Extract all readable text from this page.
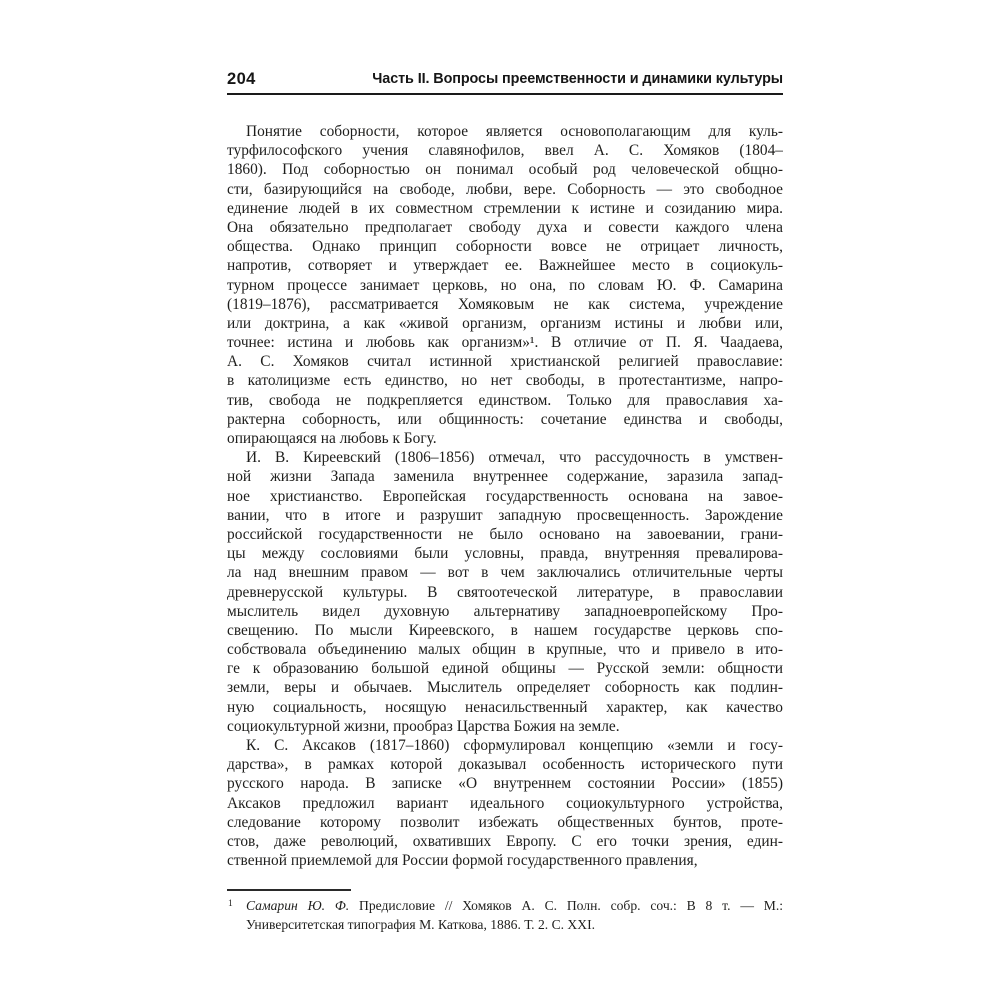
204	Часть II. Вопросы преемственности и динамики культуры
Понятие соборности, которое является основополагающим для куль-
турфилософского учения славянофилов, ввел А. С. Хомяков (1804–
1860). Под соборностью он понимал особый род человеческой общно-
сти, базирующийся на свободе, любви, вере. Соборность — это свободное
единение людей в их совместном стремлении к истине и созиданию мира.
Она обязательно предполагает свободу духа и совести каждого члена
общества. Однако принцип соборности вовсе не отрицает личность,
напротив, сотворяет и утверждает ее. Важнейшее место в социокуль-
турном процессе занимает церковь, но она, по словам Ю. Ф. Самарина
(1819–1876), рассматривается Хомяковым не как система, учреждение
или доктрина, а как «живой организм, организм истины и любви или,
точнее: истина и любовь как организм»¹. В отличие от П. Я. Чаадаева,
А. С. Хомяков считал истинной христианской религией православие:
в католицизме есть единство, но нет свободы, в протестантизме, напро-
тив, свобода не подкрепляется единством. Только для православия ха-
рактерна соборность, или общинность: сочетание единства и свободы,
опирающаяся на любовь к Богу.
И. В. Киреевский (1806–1856) отмечал, что рассудочность в умствен-
ной жизни Запада заменила внутреннее содержание, заразила запад-
ное христианство. Европейская государственность основана на завое-
вании, что в итоге и разрушит западную просвещенность. Зарождение
российской государственности не было основано на завоевании, грани-
цы между сословиями были условны, правда, внутренняя превалирова-
ла над внешним правом — вот в чем заключались отличительные черты
древнерусской культуры. В святоотеческой литературе, в православии
мыслитель видел духовную альтернативу западноевропейскому Про-
свещению. По мысли Киреевского, в нашем государстве церковь спо-
собствовала объединению малых общин в крупные, что и привело в ито-
ге к образованию большой единой общины — Русской земли: общности
земли, веры и обычаев. Мыслитель определяет соборность как подлин-
ную социальность, носящую ненасильственный характер, как качество
социокультурной жизни, прообраз Царства Божия на земле.
К. С. Аксаков (1817–1860) сформулировал концепцию «земли и госу-
дарства», в рамках которой доказывал особенность исторического пути
русского народа. В записке «О внутреннем состоянии России» (1855)
Аксаков предложил вариант идеального социокультурного устройства,
следование которому позволит избежать общественных бунтов, проте-
стов, даже революций, охвативших Европу. С его точки зрения, един-
ственной приемлемой для России формой государственного правления,
1 Самарин Ю. Ф. Предисловие // Хомяков А. С. Полн. собр. соч.: В 8 т. — М.:
Университетская типография М. Каткова, 1886. Т. 2. С. XXI.
